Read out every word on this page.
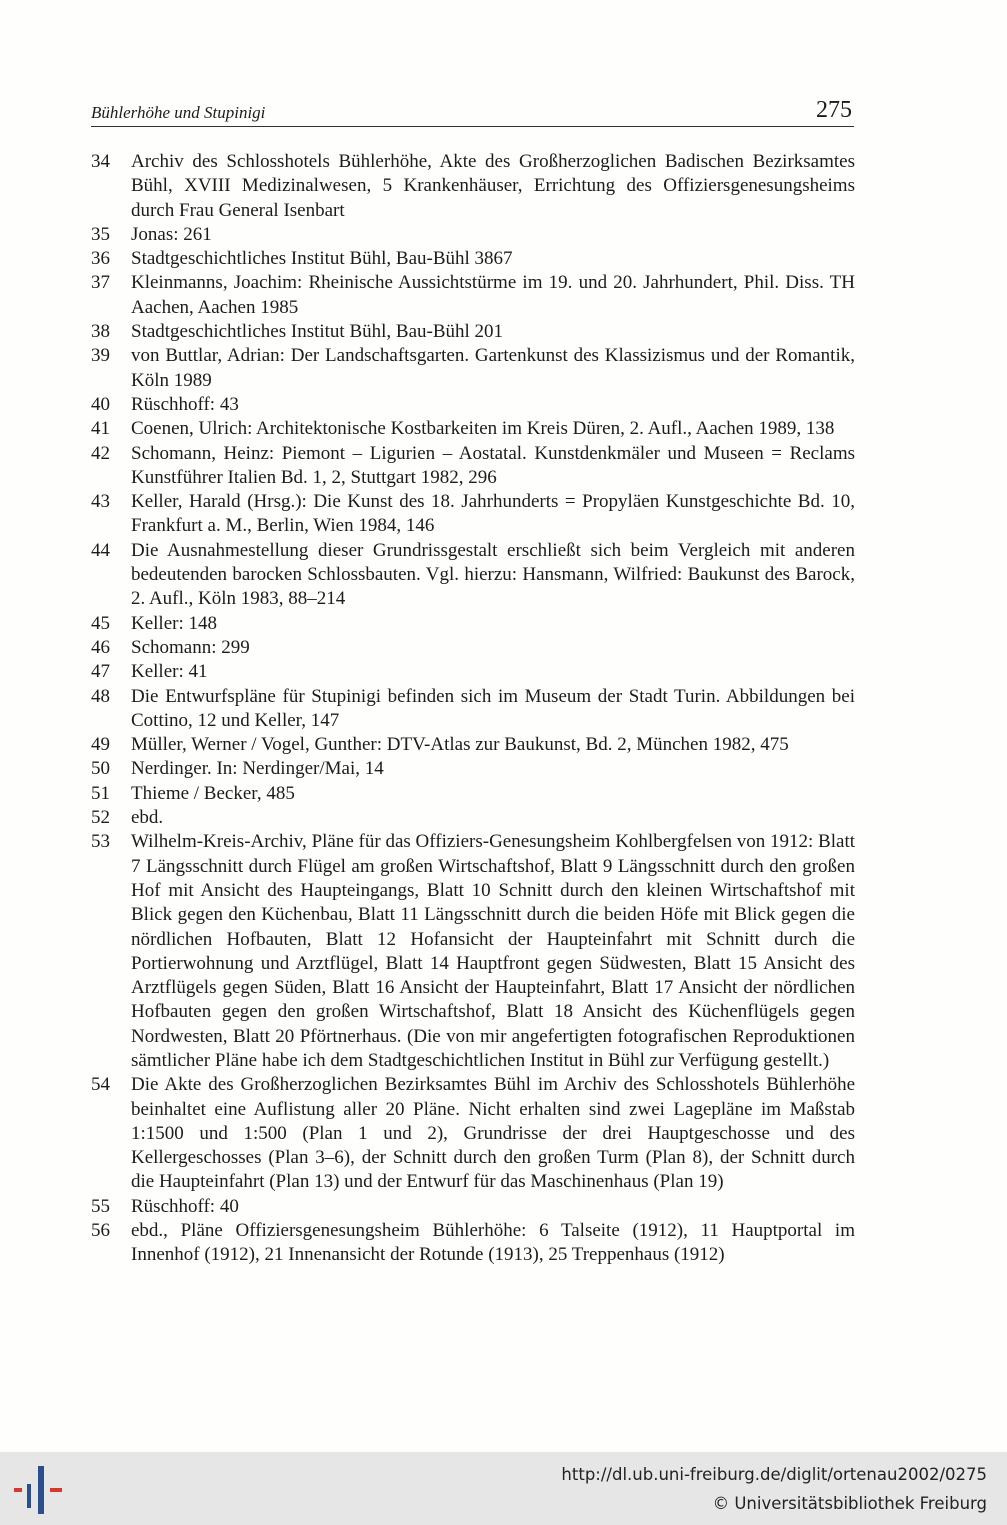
Bühlerhöhe und Stupinigi	275
34	Archiv des Schlosshotels Bühlerhöhe, Akte des Großherzoglichen Badischen Bezirksamtes Bühl, XVIII Medizinalwesen, 5 Krankenhäuser, Errichtung des Offiziersgenesungsheims durch Frau General Isenbart
35	Jonas: 261
36	Stadtgeschichtliches Institut Bühl, Bau-Bühl 3867
37	Kleinmanns, Joachim: Rheinische Aussichtstürme im 19. und 20. Jahrhundert, Phil. Diss. TH Aachen, Aachen 1985
38	Stadtgeschichtliches Institut Bühl, Bau-Bühl 201
39	von Buttlar, Adrian: Der Landschaftsgarten. Gartenkunst des Klassizismus und der Romantik, Köln 1989
40	Rüschhoff: 43
41	Coenen, Ulrich: Architektonische Kostbarkeiten im Kreis Düren, 2. Aufl., Aachen 1989, 138
42	Schomann, Heinz: Piemont – Ligurien – Aostatal. Kunstdenkmäler und Museen = Reclams Kunstführer Italien Bd. 1, 2, Stuttgart 1982, 296
43	Keller, Harald (Hrsg.): Die Kunst des 18. Jahrhunderts = Propyläen Kunstgeschichte Bd. 10, Frankfurt a. M., Berlin, Wien 1984, 146
44	Die Ausnahmestellung dieser Grundrissgestalt erschließt sich beim Vergleich mit anderen bedeutenden barocken Schlossbauten. Vgl. hierzu: Hansmann, Wilfried: Baukunst des Barock, 2. Aufl., Köln 1983, 88–214
45	Keller: 148
46	Schomann: 299
47	Keller: 41
48	Die Entwurfspläne für Stupinigi befinden sich im Museum der Stadt Turin. Abbildungen bei Cottino, 12 und Keller, 147
49	Müller, Werner / Vogel, Gunther: DTV-Atlas zur Baukunst, Bd. 2, München 1982, 475
50	Nerdinger. In: Nerdinger/Mai, 14
51	Thieme / Becker, 485
52	ebd.
53	Wilhelm-Kreis-Archiv, Pläne für das Offiziers-Genesungsheim Kohlbergfelsen von 1912: Blatt 7 Längsschnitt durch Flügel am großen Wirtschaftshof, Blatt 9 Längsschnitt durch den großen Hof mit Ansicht des Haupteingangs, Blatt 10 Schnitt durch den kleinen Wirtschaftshof mit Blick gegen den Küchenbau, Blatt 11 Längsschnitt durch die beiden Höfe mit Blick gegen die nördlichen Hofbauten, Blatt 12 Hofansicht der Haupteinfahrt mit Schnitt durch die Portierwohnung und Arztflügel, Blatt 14 Hauptfront gegen Südwesten, Blatt 15 Ansicht des Arztflügels gegen Süden, Blatt 16 Ansicht der Haupteinfahrt, Blatt 17 Ansicht der nördlichen Hofbauten gegen den großen Wirtschaftshof, Blatt 18 Ansicht des Küchenflügels gegen Nordwesten, Blatt 20 Pförtnerhaus. (Die von mir angefertigten fotografischen Reproduktionen sämtlicher Pläne habe ich dem Stadtgeschichtlichen Institut in Bühl zur Verfügung gestellt.)
54	Die Akte des Großherzoglichen Bezirksamtes Bühl im Archiv des Schlosshotels Bühlerhöhe beinhaltet eine Auflistung aller 20 Pläne. Nicht erhalten sind zwei Lagepläne im Maßstab 1:1500 und 1:500 (Plan 1 und 2), Grundrisse der drei Hauptgeschosse und des Kellergeschosses (Plan 3–6), der Schnitt durch den großen Turm (Plan 8), der Schnitt durch die Haupteinfahrt (Plan 13) und der Entwurf für das Maschinenhaus (Plan 19)
55	Rüschhoff: 40
56	ebd., Pläne Offiziersgenesungsheim Bühlerhöhe: 6 Talseite (1912), 11 Hauptportal im Innenhof (1912), 21 Innenansicht der Rotunde (1913), 25 Treppenhaus (1912)
http://dl.ub.uni-freiburg.de/diglit/ortenau2002/0275
© Universitätsbibliothek Freiburg
